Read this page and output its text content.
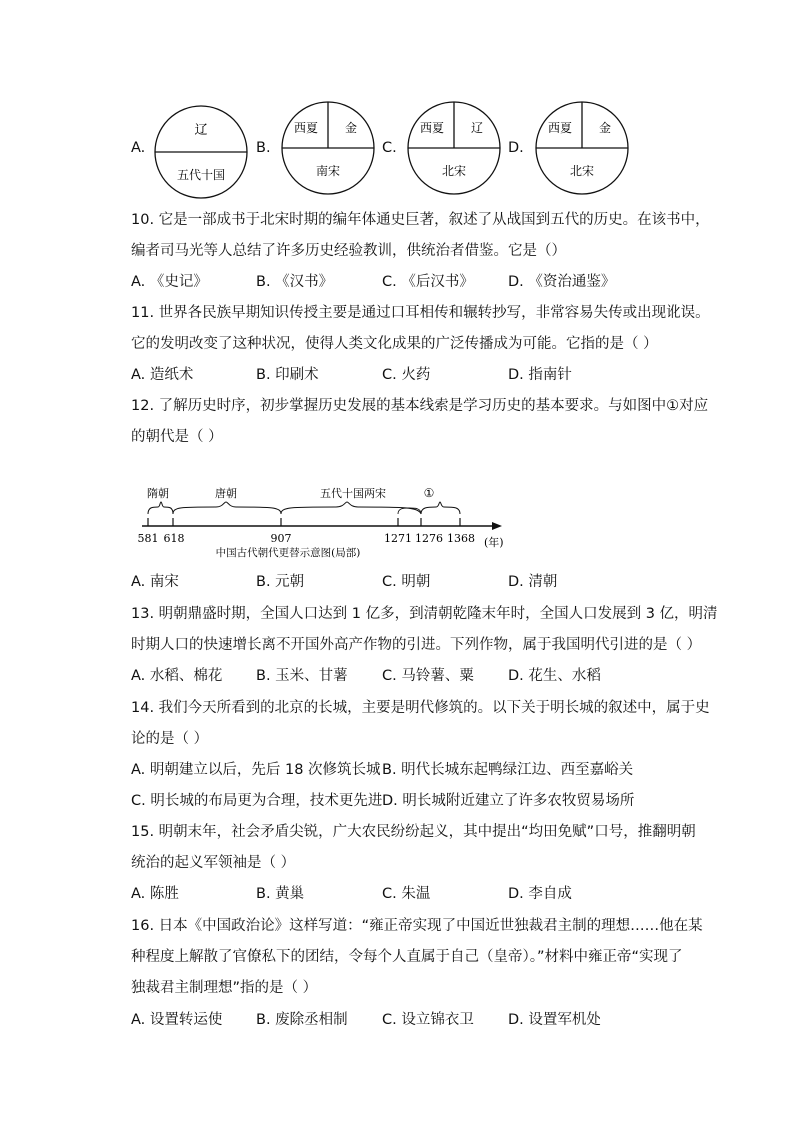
A.
辽
五代十国
B.
西夏 金
南宋
C.
西夏 辽
北宋
D.
西夏 金
北宋
10. 它是一部成书于北宋时期的编年体通史巨著，叙述了从战国到五代的历史。在该书中，
编者司马光等人总结了许多历史经验教训，供统治者借鉴。它是（）
A. 《史记》	B. 《汉书》	C. 《后汉书》 D. 《资治通鉴》
11. 世界各民族早期知识传授主要是通过口耳相传和辗转抄写，非常容易失传或出现讹误。
它的发明改变了这种状况，使得人类文化成果的广泛传播成为可能。它指的是（ ）
A. 造纸术	B. 印刷术	C. 火药	D. 指南针
12. 了解历史时序，初步掌握历史发展的基本线索是学习历史的基本要求。与如图中①对应
的朝代是（ ）
隋朝	唐朝	五代十国两宋	①
581 618	907	1271 1276 1368 (年)
中国古代朝代更替示意图(局部)
A. 南宋	B. 元朝	C. 明朝	D. 清朝
13. 明朝鼎盛时期，全国人口达到 1 亿多，到清朝乾隆末年时，全国人口发展到 3 亿，明清
时期人口的快速增长离不开国外高产作物的引进。下列作物，属于我国明代引进的是（ ）
A. 水稻、棉花 B. 玉米、甘薯 C. 马铃薯、粟 D. 花生、水稻
14. 我们今天所看到的北京的长城，主要是明代修筑的。以下关于明长城的叙述中，属于史
论的是（ ）
A. 明朝建立以后，先后 18 次修筑长城 B. 明代长城东起鸭绿江边、西至嘉峪关
C. 明长城的布局更为合理，技术更先进 D. 明长城附近建立了许多农牧贸易场所
15. 明朝末年，社会矛盾尖锐，广大农民纷纷起义，其中提出“均田免赋”口号，推翻明朝
统治的起义军领袖是（ ）
A. 陈胜	B. 黄巢	C. 朱温	D. 李自成
16. 日本《中国政治论》这样写道：“雍正帝实现了中国近世独裁君主制的理想……他在某
种程度上解散了官僚私下的团结，令每个人直属于自己（皇帝）。”材料中雍正帝“实现了
独裁君主制理想”指的是（ ）
A. 设置转运使 B. 废除丞相制 C. 设立锦衣卫 D. 设置军机处
